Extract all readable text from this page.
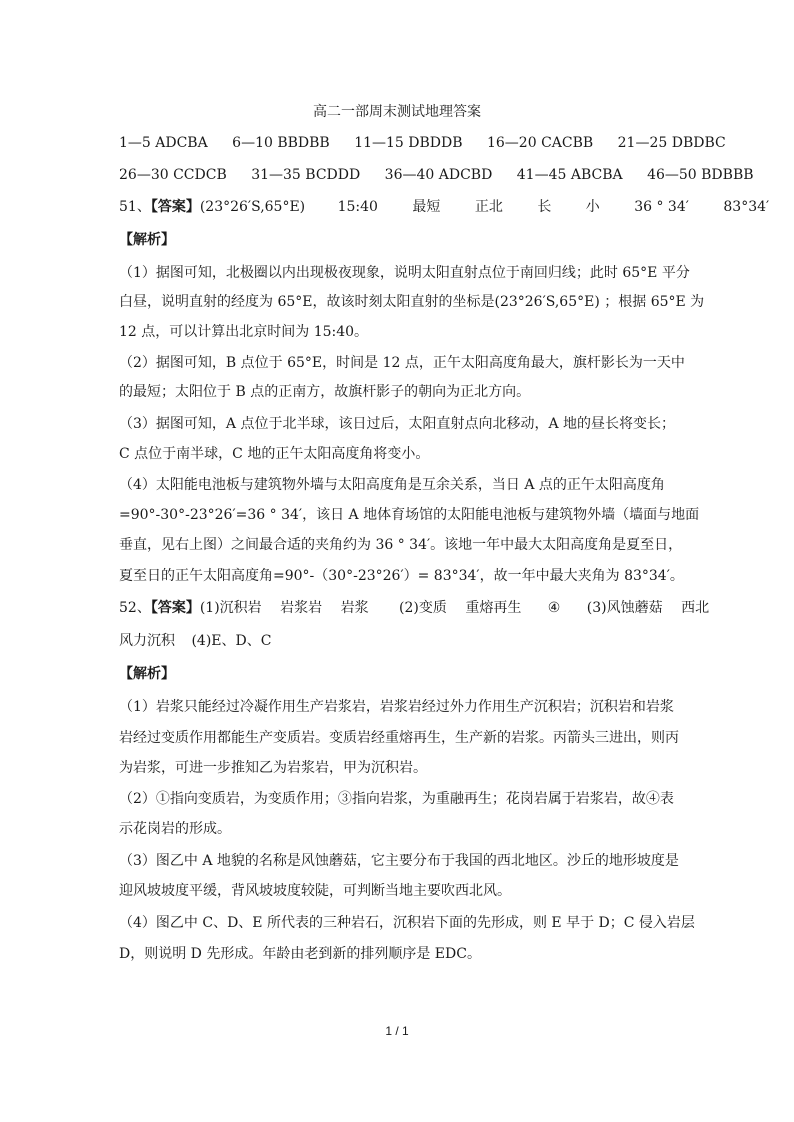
高二一部周末测试地理答案
1—5 ADCBA 6—10 BBDBB 11—15 DBDDB 16—20 CACBB 21—25 DBDBC
26—30 CCDCB 31—35 BCDDD 36—40 ADCBD 41—45 ABCBA 46—50 BDBBB
51、【答案】(23°26′S,65°E) 15:40 最短 正北 长 小 36 ° 34′ 83°34′
【解析】
（1）据图可知，北极圈以内出现极夜现象，说明太阳直射点位于南回归线；此时 65°E 平分
白昼，说明直射的经度为 65°E，故该时刻太阳直射的坐标是(23°26′S,65°E) ；根据 65°E 为
12 点，可以计算出北京时间为 15:40。
（2）据图可知，B 点位于 65°E，时间是 12 点，正午太阳高度角最大，旗杆影长为一天中
的最短；太阳位于 B 点的正南方，故旗杆影子的朝向为正北方向。
（3）据图可知，A 点位于北半球，该日过后，太阳直射点向北移动，A 地的昼长将变长；
C 点位于南半球，C 地的正午太阳高度角将变小。
（4）太阳能电池板与建筑物外墙与太阳高度角是互余关系，当日 A 点的正午太阳高度角
=90°-30°-23°26′=36 ° 34′，该日 A 地体育场馆的太阳能电池板与建筑物外墙（墙面与地面
垂直，见右上图）之间最合适的夹角约为 36 ° 34′。该地一年中最大太阳高度角是夏至日，
夏至日的正午太阳高度角=90°-（30°-23°26′）= 83°34′，故一年中最大夹角为 83°34′。
52、【答案】(1)沉积岩 岩浆岩 岩浆 (2)变质 重熔再生 ④ (3)风蚀蘑菇 西北
风力沉积 (4)E、D、C
【解析】
（1）岩浆只能经过冷凝作用生产岩浆岩，岩浆岩经过外力作用生产沉积岩；沉积岩和岩浆
岩经过变质作用都能生产变质岩。变质岩经重熔再生，生产新的岩浆。丙箭头三进出，则丙
为岩浆，可进一步推知乙为岩浆岩，甲为沉积岩。
（2）①指向变质岩，为变质作用；③指向岩浆，为重融再生；花岗岩属于岩浆岩，故④表
示花岗岩的形成。
（3）图乙中 A 地貌的名称是风蚀蘑菇，它主要分布于我国的西北地区。沙丘的地形坡度是
迎风坡坡度平缓，背风坡坡度较陡，可判断当地主要吹西北风。
（4）图乙中 C、D、E 所代表的三种岩石，沉积岩下面的先形成，则 E 早于 D；C 侵入岩层
D，则说明 D 先形成。年龄由老到新的排列顺序是 EDC。
1 / 1
